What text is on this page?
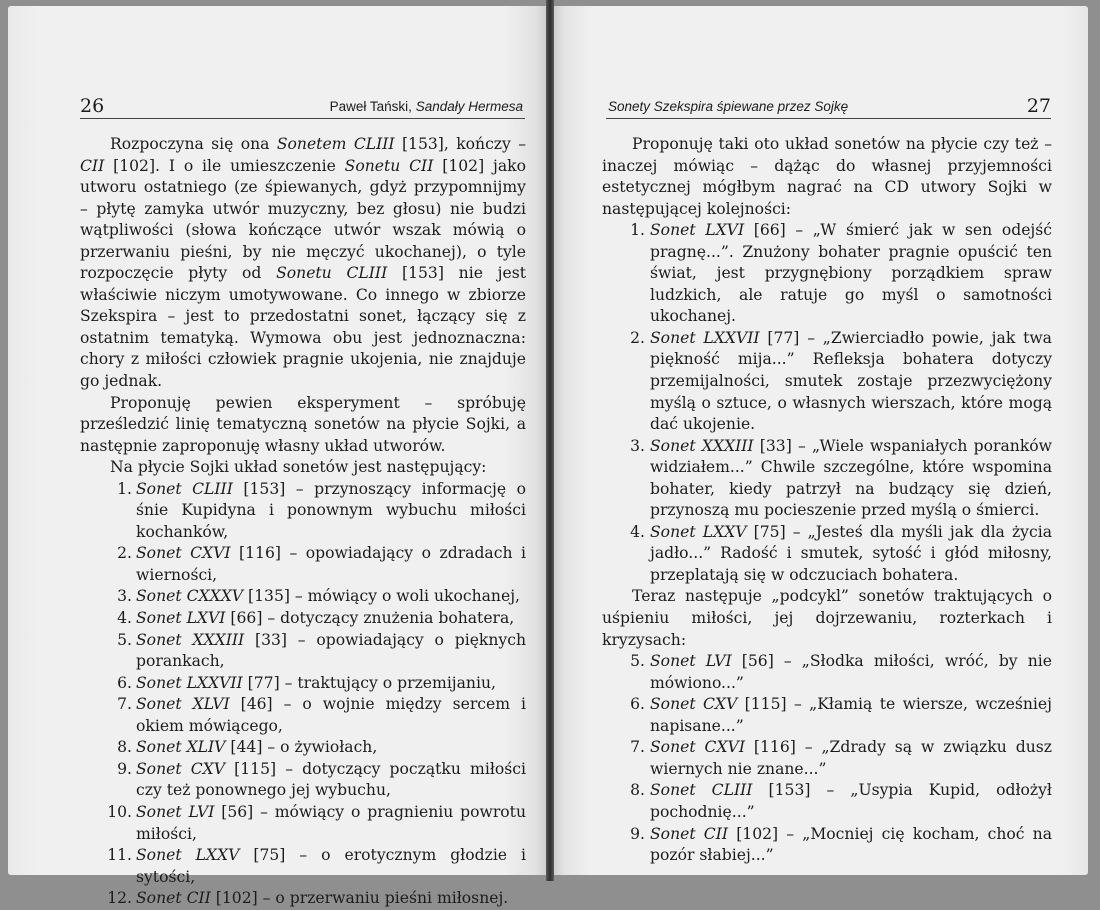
26	Paweł Tański, Sandały Hermesa

Rozpoczyna się ona Sonetem CLIII [153], kończy – CII [102]. I o ile umieszczenie Sonetu CII [102] jako utworu ostatniego (ze śpiewanych, gdyż przypomnijmy – płytę zamyka utwór muzyczny, bez głosu) nie budzi wątpliwości (słowa kończące utwór wszak mówią o przerwaniu pieśni, by nie męczyć ukochanej), o tyle rozpoczęcie płyty od Sonetu CLIII [153] nie jest właściwie niczym umotywowane. Co innego w zbiorze Szekspira – jest to przedostatni sonet, łączący się z ostatnim tematyką. Wymowa obu jest jednoznaczna: chory z miłości człowiek pragnie ukojenia, nie znajduje go jednak.

Proponuję pewien eksperyment – spróbuję prześledzić linię tematyczną sonetów na płycie Sojki, a następnie zaproponuję własny układ utworów.

Na płycie Sojki układ sonetów jest następujący:

1. Sonet CLIII [153] – przynoszący informację o śnie Kupidyna i ponownym wybuchu miłości kochanków,
2. Sonet CXVI [116] – opowiadający o zdradach i wierności,
3. Sonet CXXXV [135] – mówiący o woli ukochanej,
4. Sonet LXVI [66] – dotyczący znużenia bohatera,
5. Sonet XXXIII [33] – opowiadający o pięknych porankach,
6. Sonet LXXVII [77] – traktujący o przemijaniu,
7. Sonet XLVI [46] – o wojnie między sercem i okiem mówiącego,
8. Sonet XLIV [44] – o żywiołach,
9. Sonet CXV [115] – dotyczący początku miłości czy też ponownego jej wybuchu,
10. Sonet LVI [56] – mówiący o pragnieniu powrotu miłości,
11. Sonet LXXV [75] – o erotycznym głodzie i sytości,
12. Sonet CII [102] – o przerwaniu pieśni miłosnej.
Sonety Szekspira śpiewane przez Sojkę	27

Proponuję taki oto układ sonetów na płycie czy też – inaczej mówiąc – dążąc do własnej przyjemności estetycznej mógłbym nagrać na CD utwory Sojki w następującej kolejności:

1. Sonet LXVI [66] – „W śmierć jak w sen odejść pragnę...”. Znużony bohater pragnie opuścić ten świat, jest przygnębiony porządkiem spraw ludzkich, ale ratuje go myśl o samotności ukochanej.
2. Sonet LXXVII [77] – „Zwierciadło powie, jak twa piękność mija...” Refleksja bohatera dotyczy przemijalności, smutek zostaje przezwyciężony myślą o sztuce, o własnych wierszach, które mogą dać ukojenie.
3. Sonet XXXIII [33] – „Wiele wspaniałych poranków widziałem...” Chwile szczególne, które wspomina bohater, kiedy patrzył na budzący się dzień, przynoszą mu pocieszenie przed myślą o śmierci.
4. Sonet LXXV [75] – „Jesteś dla myśli jak dla życia jadło...” Radość i smutek, sytość i głód miłosny, przeplatają się w odczuciach bohatera.

Teraz następuje „podcykl” sonetów traktujących o uśpieniu miłości, jej dojrzewaniu, rozterkach i kryzysach:

5. Sonet LVI [56] – „Słodka miłości, wróć, by nie mówiono...”
6. Sonet CXV [115] – „Kłamią te wiersze, wcześniej napisane...”
7. Sonet CXVI [116] – „Zdrady są w związku dusz wiernych nie znane...”
8. Sonet CLIII [153] – „Usypia Kupid, odłożył pochodnię...”
9. Sonet CII [102] – „Mocniej cię kocham, choć na pozór słabiej...”
